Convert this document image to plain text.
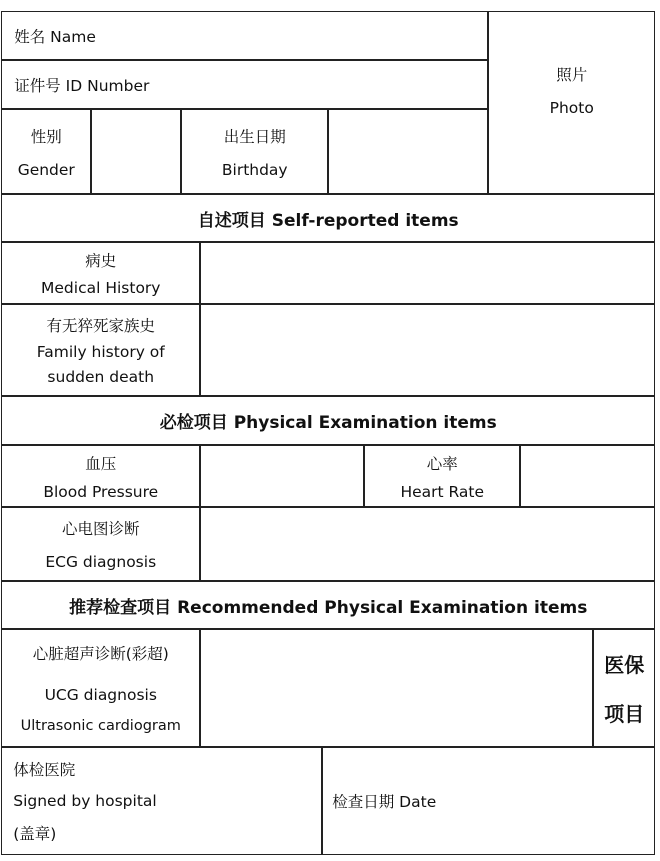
姓名 Name
照片
Photo
证件号 ID Number
性别
Gender
出生日期
Birthday
自述项目 Self-reported items
病史
Medical History
有无猝死家族史
Family history of
sudden death
必检项目 Physical Examination items
血压
Blood Pressure
心率
Heart Rate
心电图诊断
ECG diagnosis
推荐检查项目 Recommended Physical Examination items
心脏超声诊断(彩超)
UCG diagnosis
Ultrasonic cardiogram
医保
项目
体检医院
Signed by hospital
(盖章)
检查日期 Date
